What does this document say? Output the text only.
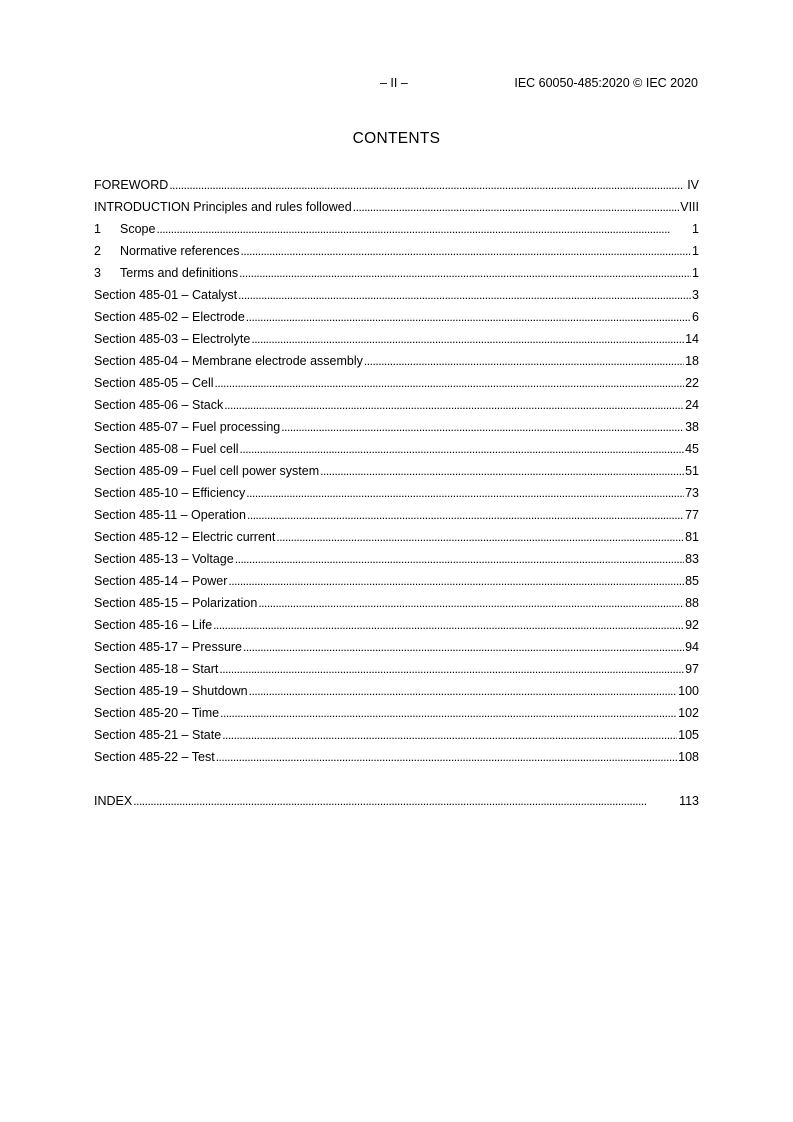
– II –	IEC 60050-485:2020 © IEC 2020
CONTENTS
FOREWORD . . .	IV
INTRODUCTION Principles and rules followed . . .	VIII
1	Scope . . .	1
2	Normative references . . .	1
3	Terms and definitions . . .	1
Section 485-01 – Catalyst . . .	3
Section 485-02 – Electrode . . .	6
Section 485-03 – Electrolyte . . .	14
Section 485-04 – Membrane electrode assembly . . .	18
Section 485-05 – Cell . . .	22
Section 485-06 – Stack . . .	24
Section 485-07 – Fuel processing . . .	38
Section 485-08 – Fuel cell . . .	45
Section 485-09 – Fuel cell power system . . .	51
Section 485-10 – Efficiency . . .	73
Section 485-11 – Operation . . .	77
Section 485-12 – Electric current . . .	81
Section 485-13 – Voltage . . .	83
Section 485-14 – Power . . .	85
Section 485-15 – Polarization . . .	88
Section 485-16 – Life . . .	92
Section 485-17 – Pressure . . .	94
Section 485-18 – Start . . .	97
Section 485-19 – Shutdown . . .	100
Section 485-20 – Time . . .	102
Section 485-21 – State . . .	105
Section 485-22 – Test . . .	108
INDEX . . .	113
